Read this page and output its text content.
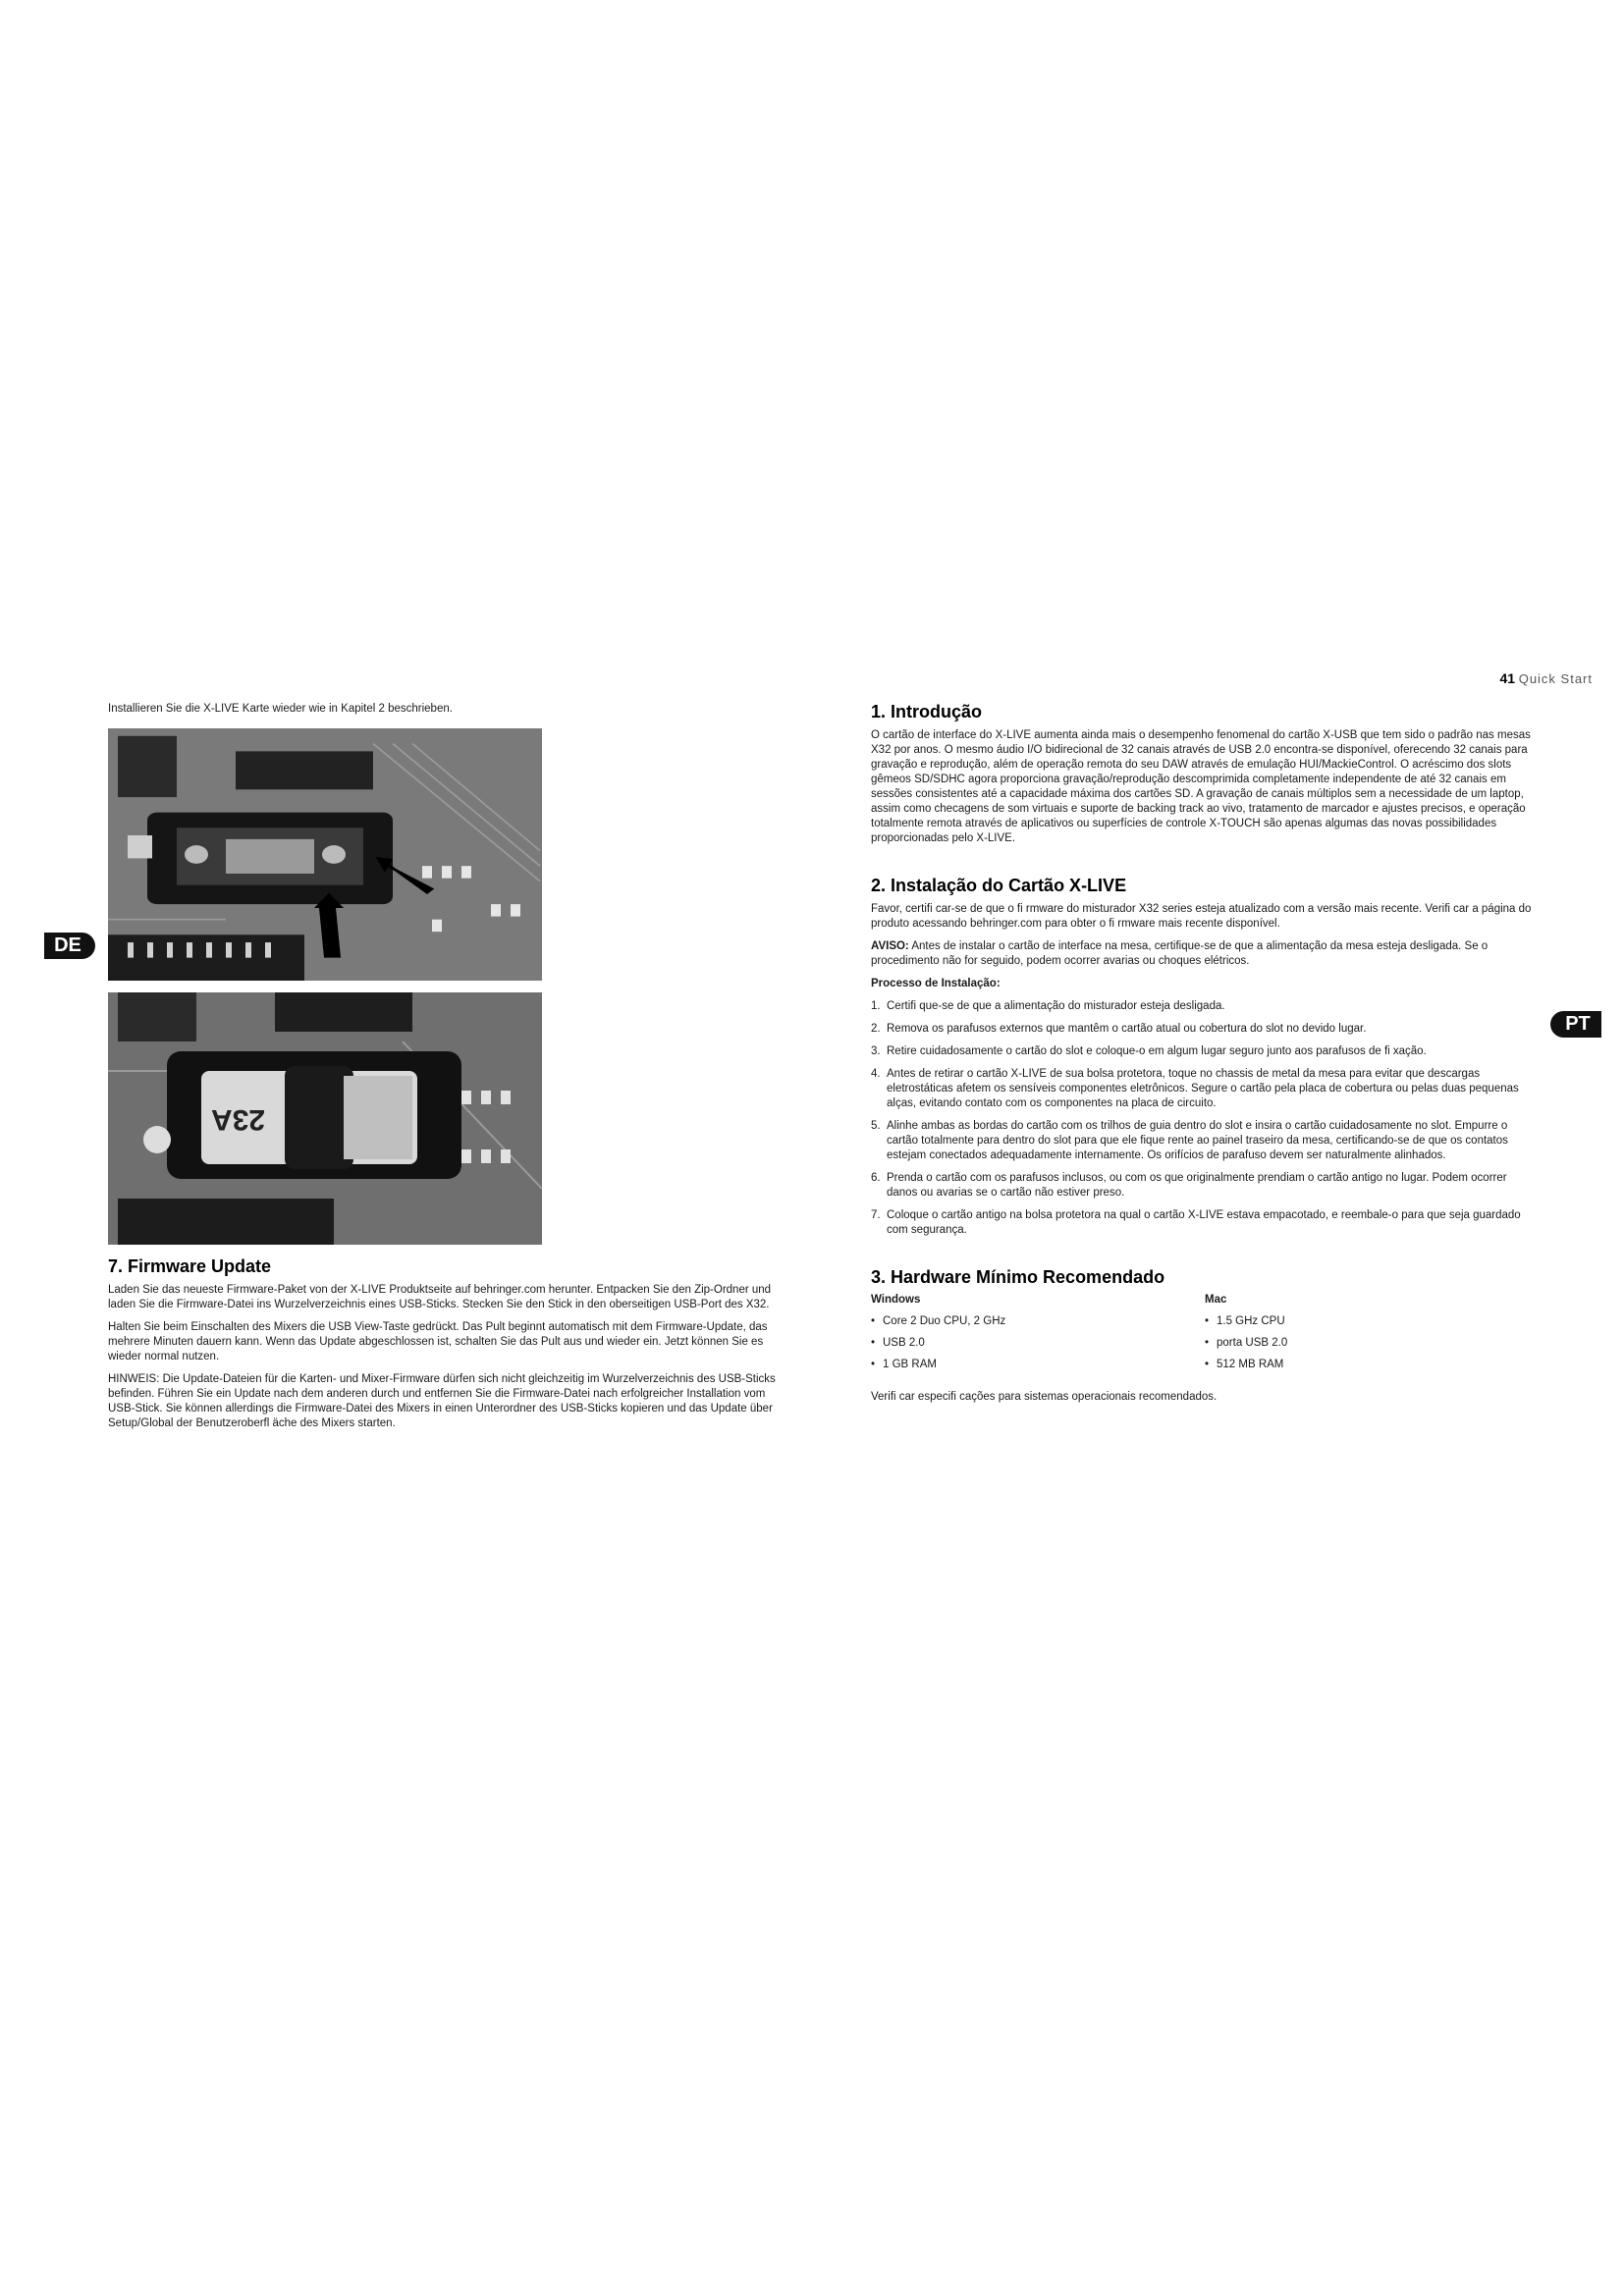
41 Quick Start
DE
PT

Installieren Sie die X-LIVE Karte wieder wie in Kapitel 2 beschrieben.

23A
7. Firmware Update

Laden Sie das neueste Firmware-Paket von der X-LIVE Produktseite auf behringer.com herunter. Entpacken Sie den Zip-Ordner und laden Sie die Firmware-Datei ins Wurzelverzeichnis eines USB-Sticks. Stecken Sie den Stick in den oberseitigen USB-Port des X32.

Halten Sie beim Einschalten des Mixers die USB View-Taste gedrückt. Das Pult beginnt automatisch mit dem Firmware-Update, das mehrere Minuten dauern kann. Wenn das Update abgeschlossen ist, schalten Sie das Pult aus und wieder ein. Jetzt können Sie es wieder normal nutzen.

HINWEIS: Die Update-Dateien für die Karten- und Mixer-Firmware dürfen sich nicht gleichzeitig im Wurzelverzeichnis des USB-Sticks befinden. Führen Sie ein Update nach dem anderen durch und entfernen Sie die Firmware-Datei nach erfolgreicher Installation vom USB-Stick. Sie können allerdings die Firmware-Datei des Mixers in einen Unterordner des USB-Sticks kopieren und das Update über Setup/Global der Benutzeroberfl äche des Mixers starten.

1. Introdução

O cartão de interface do X-LIVE aumenta ainda mais o desempenho fenomenal do cartão X-USB que tem sido o padrão nas mesas X32 por anos. O mesmo áudio I/O bidirecional de 32 canais através de USB 2.0 encontra-se disponível, oferecendo 32 canais para gravação e reprodução, além de operação remota do seu DAW através de emulação HUI/MackieControl. O acréscimo dos slots gêmeos SD/SDHC agora proporciona gravação/reprodução descomprimida completamente independente de até 32 canais em sessões consistentes até a capacidade máxima dos cartões SD. A gravação de canais múltiplos sem a necessidade de um laptop, assim como checagens de som virtuais e suporte de backing track ao vivo, tratamento de marcador e ajustes precisos, e operação totalmente remota através de aplicativos ou superfícies de controle X-TOUCH são apenas algumas das novas possibilidades proporcionadas pelo X-LIVE.

2. Instalação do Cartão X-LIVE

Favor, certifi car-se de que o fi rmware do misturador X32 series esteja atualizado com a versão mais recente. Verifi car a página do produto acessando behringer.com para obter o fi rmware mais recente disponível.

AVISO: Antes de instalar o cartão de interface na mesa, certifique-se de que a alimentação da mesa esteja desligada. Se o procedimento não for seguido, podem ocorrer avarias ou choques elétricos.

Processo de Instalação:

1. Certifi que-se de que a alimentação do misturador esteja desligada.
2. Remova os parafusos externos que mantêm o cartão atual ou cobertura do slot no devido lugar.
3. Retire cuidadosamente o cartão do slot e coloque-o em algum lugar seguro junto aos parafusos de fi xação.
4. Antes de retirar o cartão X-LIVE de sua bolsa protetora, toque no chassis de metal da mesa para evitar que descargas eletrostáticas afetem os sensíveis componentes eletrônicos. Segure o cartão pela placa de cobertura ou pelas duas pequenas alças, evitando contato com os componentes na placa de circuito.
5. Alinhe ambas as bordas do cartão com os trilhos de guia dentro do slot e insira o cartão cuidadosamente no slot. Empurre o cartão totalmente para dentro do slot para que ele fique rente ao painel traseiro da mesa, certificando-se de que os contatos estejam conectados adequadamente internamente. Os orifícios de parafuso devem ser naturalmente alinhados.
6. Prenda o cartão com os parafusos inclusos, ou com os que originalmente prendiam o cartão antigo no lugar. Podem ocorrer danos ou avarias se o cartão não estiver preso.
7. Coloque o cartão antigo na bolsa protetora na qual o cartão X-LIVE estava empacotado, e reembale-o para que seja guardado com segurança.
3. Hardware Mínimo Recomendado
Windows
• Core 2 Duo CPU, 2 GHz
• USB 2.0
• 1 GB RAM
Mac
• 1.5 GHz CPU
• porta USB 2.0
• 512 MB RAM

Verifi car especifi cações para sistemas operacionais recomendados.
